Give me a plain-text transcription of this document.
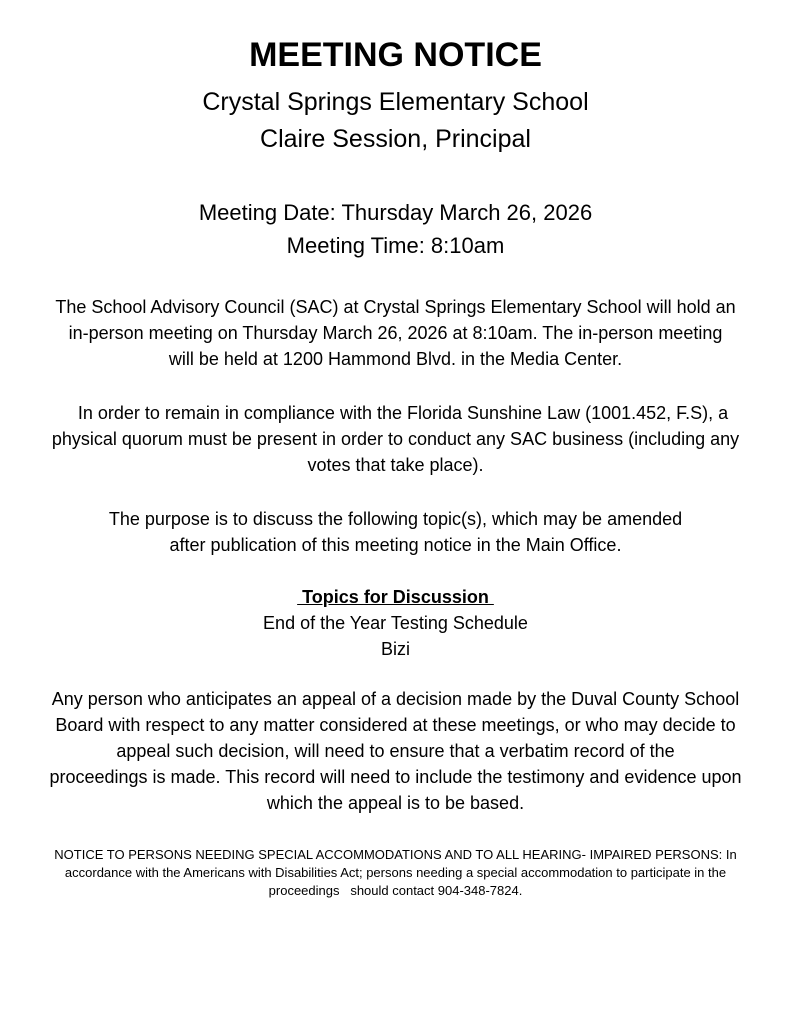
MEETING NOTICE
Crystal Springs Elementary School
Claire Session, Principal
Meeting Date: Thursday March 26, 2026
Meeting Time: 8:10am
The School Advisory Council (SAC) at Crystal Springs Elementary School will hold an
in-person meeting on Thursday March 26, 2026 at 8:10am. The in-person meeting
will be held at 1200 Hammond Blvd. in the Media Center.
In order to remain in compliance with the Florida Sunshine Law (1001.452, F.S), a
physical quorum must be present in order to conduct any SAC business (including any
votes that take place).
The purpose is to discuss the following topic(s), which may be amended
after publication of this meeting notice in the Main Office.
Topics for Discussion
End of the Year Testing Schedule
Bizi
Any person who anticipates an appeal of a decision made by the Duval County School
Board with respect to any matter considered at these meetings, or who may decide to
appeal such decision, will need to ensure that a verbatim record of the
proceedings is made. This record will need to include the testimony and evidence upon
which the appeal is to be based.
NOTICE TO PERSONS NEEDING SPECIAL ACCOMMODATIONS AND TO ALL HEARING- IMPAIRED PERSONS: In
accordance with the Americans with Disabilities Act; persons needing a special accommodation to participate in the
proceedings   should contact 904-348-7824.
